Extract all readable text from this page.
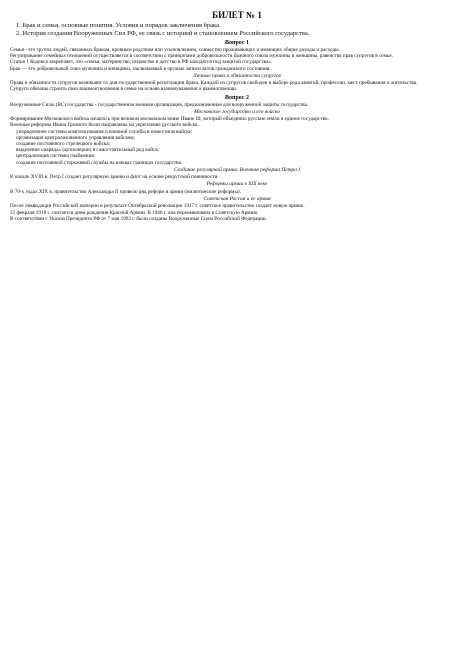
БИЛЕТ № 1
1. Брак и семья, основные понятия. Условия и порядок заключения брака.
2. История создания Вооруженных Сил РФ, ее связь с историей и становлением Российского государства.
Вопрос 1

Семья - это группа людей, связанных браком, кровным родством или усыновлением, совместно проживающих и имеющих общие доходы и расходы.

Регулирование семейных отношений осуществляется в соответствии с принципами добровольности брачного союза мужчины и женщины, равенства прав супругов в семье.

Статья 1 Кодекса закрепляет, что «семья, материнство, отцовство и детство в РФ находятся под защитой государства».

Брак — это добровольный союз мужчины и женщины, заключаемый в органах записи актов гражданского состояния.

Личные права и обязанности супругов

Права и обязанности супругов возникают со дня государственной регистрации брака. Каждый из супругов свободен в выборе рода занятий, профессии, мест пребывания и жительства.

Супруги обязаны строить свои взаимоотношения в семье на основе взаимоуважения и взаимопомощи.

Вопрос 2

Вооруженные Силы (ВС) государства - государственная военная организация, предназначенная для вооруженной защиты государства.

Московское государство и его войско

Формирование Московского войска началось при великом московском князе Иване III, который объединил русские земли в единое государство.

Военные реформы Ивана Грозного были направлены на укрепление русского войска.

упорядочение системы комплектования и военной службы в поместном войске;
организация централизованного управления войском;
создание постоянного стрелецкого войска;
выделение «наряда» (артиллерии) в самостоятельный род войск;
централизация системы снабжения;
создание постоянной сторожевой службы на южных границах государства.
Создание регулярной армии. Военная реформа Петра I

В начале XVIII в. Петр I создает регулярную армию и флот на основе рекрутской повинности.

Реформы армии в XIX веке

В 70-х годах XIX в. правительство Александра II провело ряд реформ в армии (милютинские реформы).

Советская Россия и ее армия

После ликвидации Российской империи в результате Октябрьской революции 1917 г. советское правительство создает новую армию.

23 февраля 1918 г. считается днем рождения Красной Армии. В 1946 г. она переименована в Советскую Армию.

В соответствии с Указом Президента РФ от 7 мая 1992 г. были созданы Вооруженные Силы Российской Федерации.
